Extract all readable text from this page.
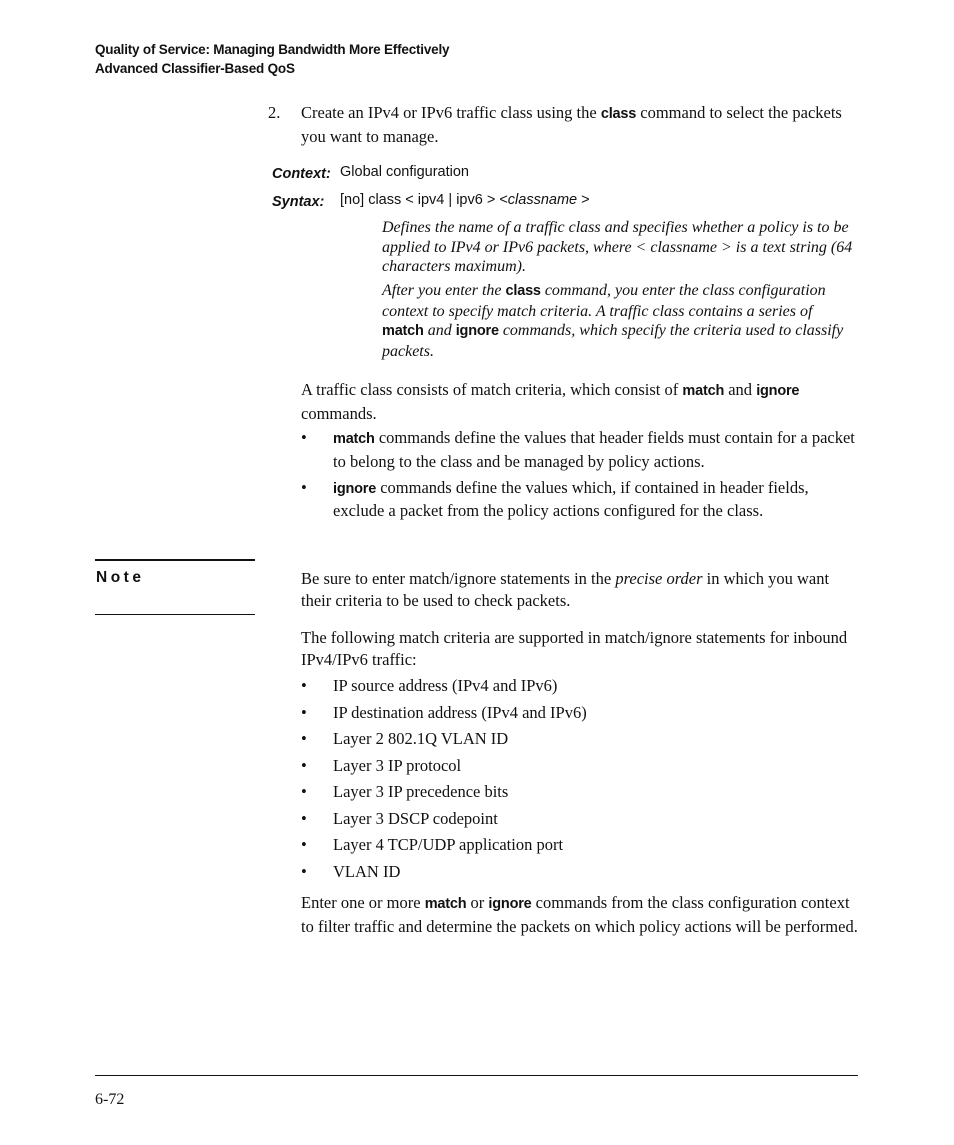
Quality of Service: Managing Bandwidth More Effectively
Advanced Classifier-Based QoS
2. Create an IPv4 or IPv6 traffic class using the class command to select the packets you want to manage.
Context: Global configuration
Syntax: [no] class < ipv4 | ipv6 > <classname >
Defines the name of a traffic class and specifies whether a policy is to be applied to IPv4 or IPv6 packets, where < classname > is a text string (64 characters maximum).
After you enter the class command, you enter the class configuration context to specify match criteria. A traffic class contains a series of match and ignore commands, which specify the criteria used to classify packets.
A traffic class consists of match criteria, which consist of match and ignore commands.
• match commands define the values that header fields must contain for a packet to belong to the class and be managed by policy actions.
• ignore commands define the values which, if contained in header fields, exclude a packet from the policy actions configured for the class.
Note	Be sure to enter match/ignore statements in the precise order in which you want their criteria to be used to check packets.
The following match criteria are supported in match/ignore statements for inbound IPv4/IPv6 traffic:
• IP source address (IPv4 and IPv6)
• IP destination address (IPv4 and IPv6)
• Layer 2 802.1Q VLAN ID
• Layer 3 IP protocol
• Layer 3 IP precedence bits
• Layer 3 DSCP codepoint
• Layer 4 TCP/UDP application port
• VLAN ID
Enter one or more match or ignore commands from the class configuration context to filter traffic and determine the packets on which policy actions will be performed.
6-72
